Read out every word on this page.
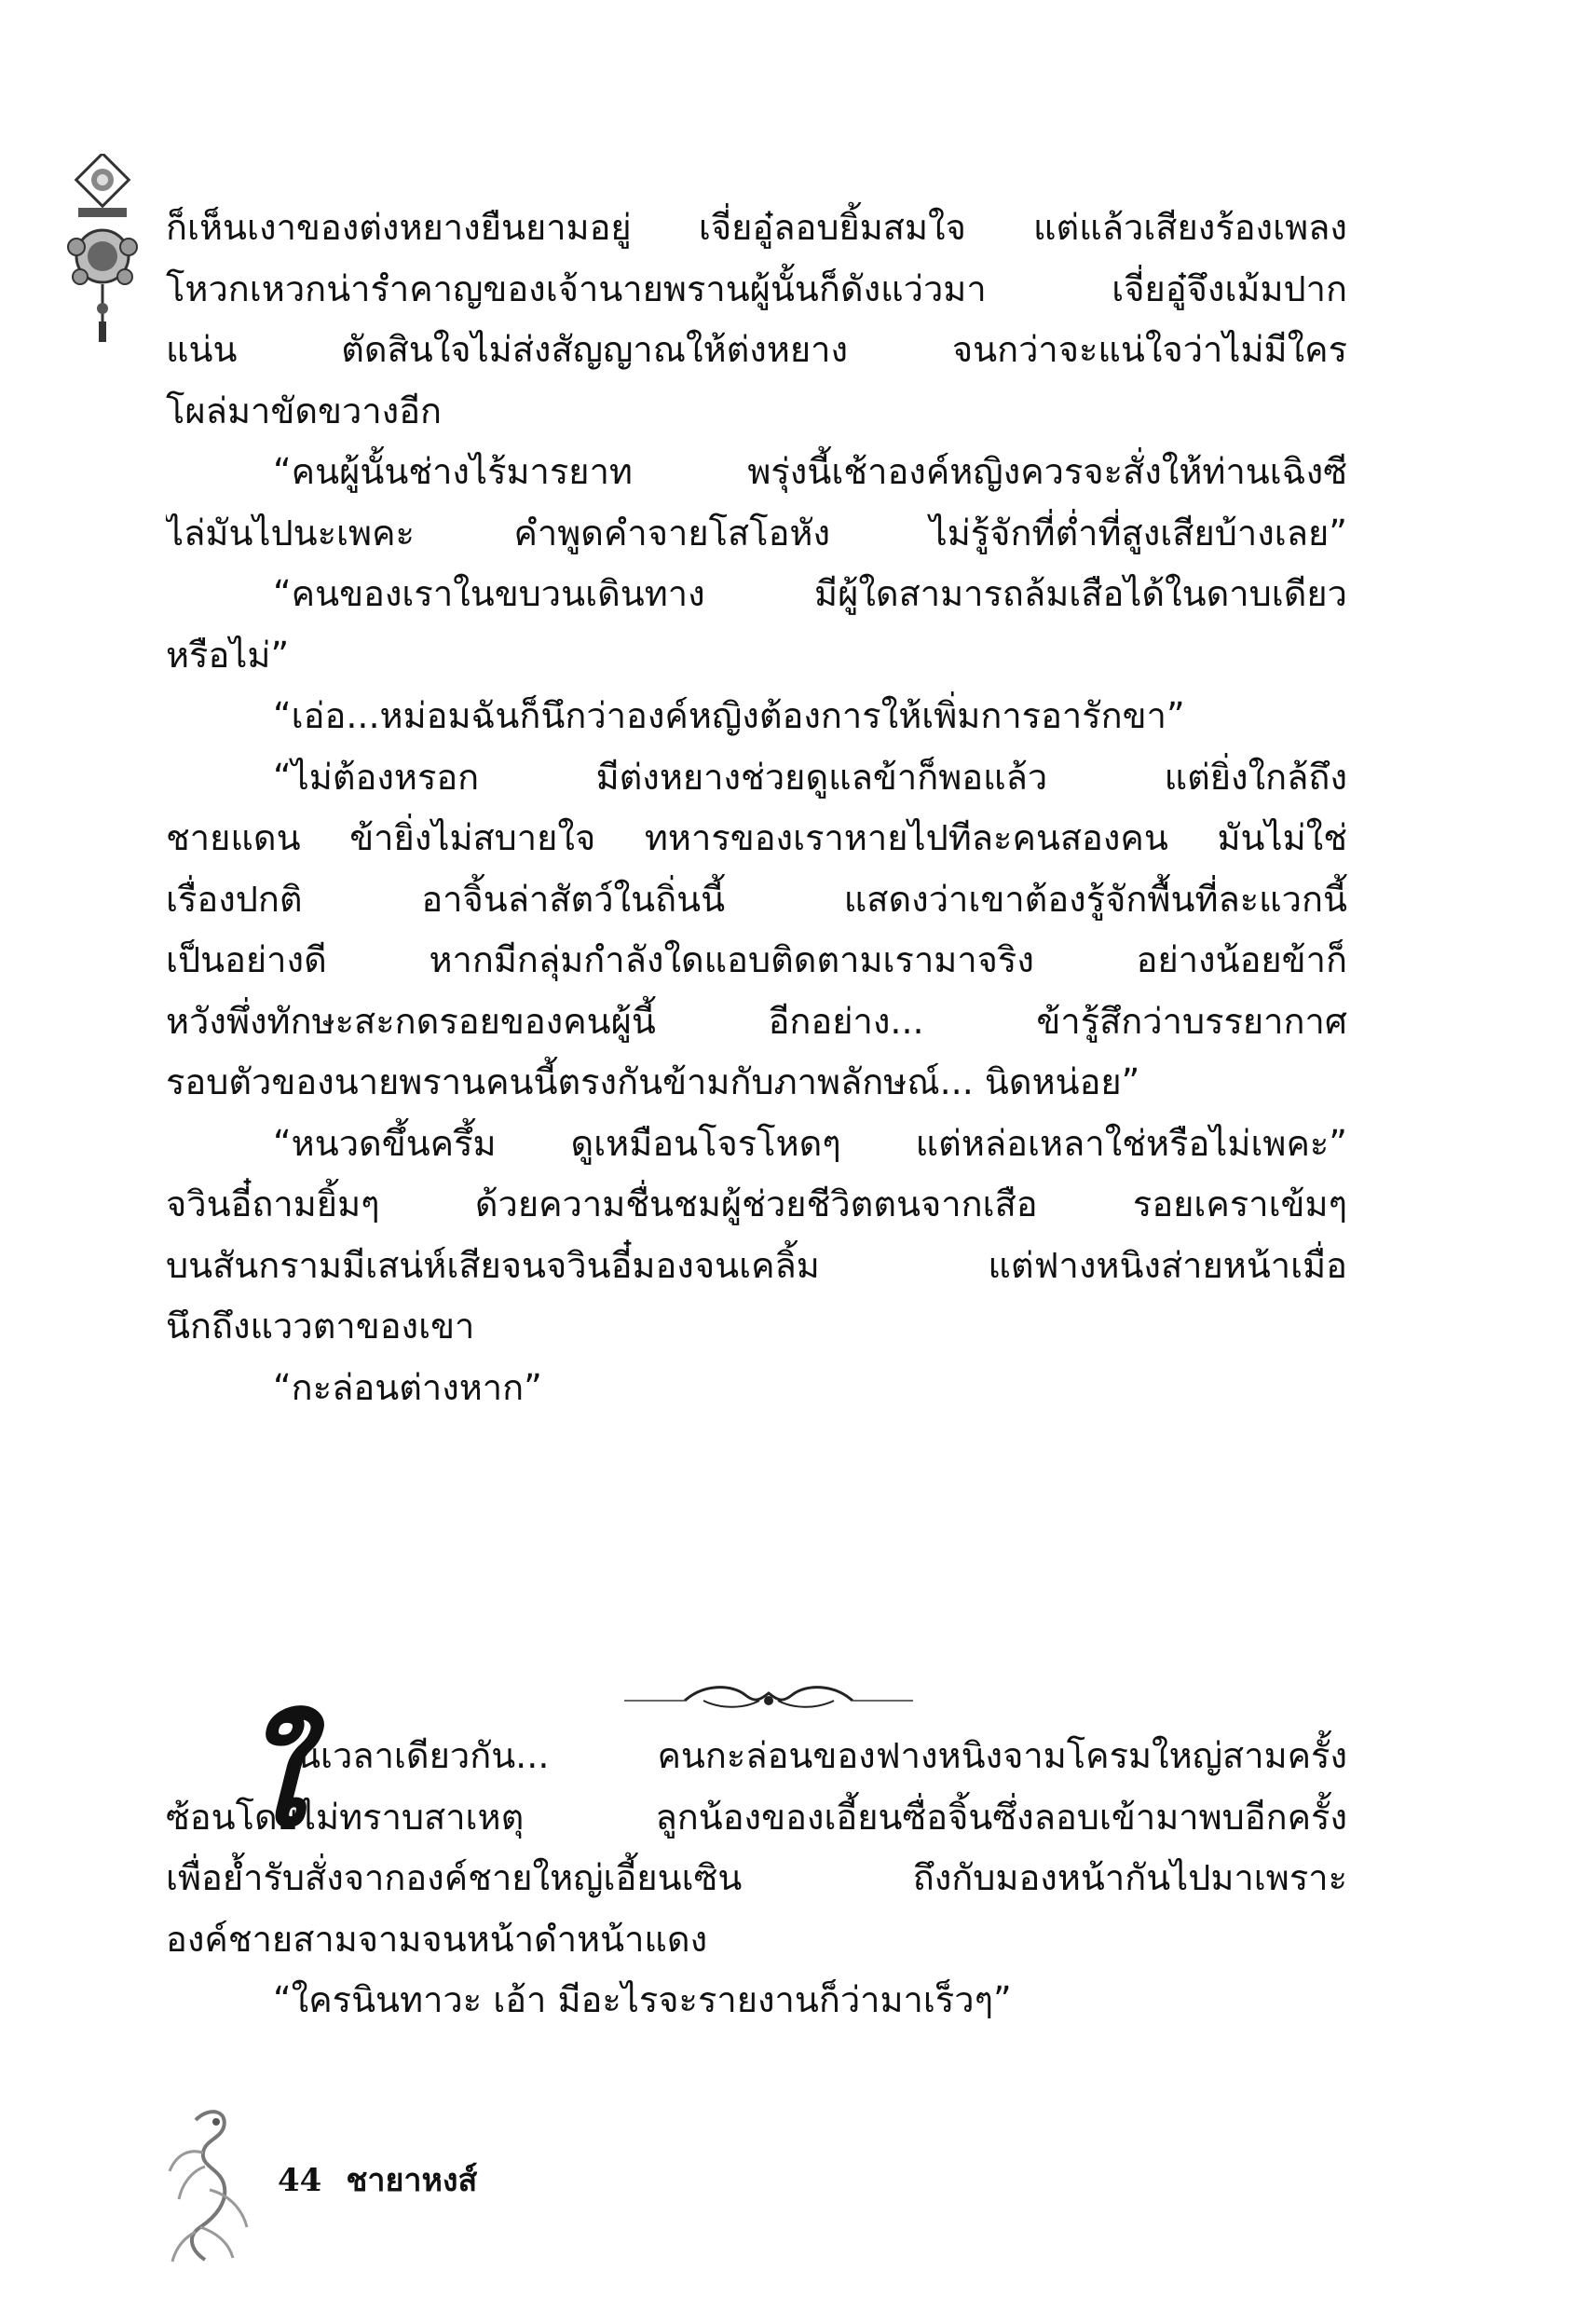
ก็เห็นเงาของต่งหยางยืนยามอยู่ เจี่ยอู๋ลอบยิ้มสมใจ แต่แล้วเสียงร้องเพลง
โหวกเหวกน่ารำคาญของเจ้านายพรานผู้นั้นก็ดังแว่วมา เจี่ยอู๋จึงเม้มปาก
แน่น ตัดสินใจไม่ส่งสัญญาณให้ต่งหยาง จนกว่าจะแน่ใจว่าไม่มีใคร
โผล่มาขัดขวางอีก
“คนผู้นั้นช่างไร้มารยาท พรุ่งนี้เช้าองค์หญิงควรจะสั่งให้ท่านเฉิงซี
ไล่มันไปนะเพคะ คำพูดคำจายโสโอหัง ไม่รู้จักที่ต่ำที่สูงเสียบ้างเลย”
“คนของเราในขบวนเดินทาง มีผู้ใดสามารถล้มเสือได้ในดาบเดียว
หรือไม่”
“เอ่อ...หม่อมฉันก็นึกว่าองค์หญิงต้องการให้เพิ่มการอารักขา”
“ไม่ต้องหรอก มีต่งหยางช่วยดูแลข้าก็พอแล้ว แต่ยิ่งใกล้ถึง
ชายแดน ข้ายิ่งไม่สบายใจ ทหารของเราหายไปทีละคนสองคน มันไม่ใช่
เรื่องปกติ อาจิ้นล่าสัตว์ในถิ่นนี้ แสดงว่าเขาต้องรู้จักพื้นที่ละแวกนี้
เป็นอย่างดี หากมีกลุ่มกำลังใดแอบติดตามเรามาจริง อย่างน้อยข้าก็
หวังพึ่งทักษะสะกดรอยของคนผู้นี้ อีกอย่าง... ข้ารู้สึกว่าบรรยากาศ
รอบตัวของนายพรานคนนี้ตรงกันข้ามกับภาพลักษณ์... นิดหน่อย”
“หนวดขึ้นครึ้ม ดูเหมือนโจรโหดๆ แต่หล่อเหลาใช่หรือไม่เพคะ”
จวินอี๋ถามยิ้มๆ ด้วยความชื่นชมผู้ช่วยชีวิตตนจากเสือ รอยเคราเข้มๆ
บนสันกรามมีเสน่ห์เสียจนจวินอี๋มองจนเคลิ้ม แต่ฟางหนิงส่ายหน้าเมื่อ
นึกถึงแววตาของเขา
“กะล่อนต่างหาก”
ใ
นเวลาเดียวกัน... คนกะล่อนของฟางหนิงจามโครมใหญ่สามครั้ง
ซ้อนโดยไม่ทราบสาเหตุ ลูกน้องของเอี้ยนซื่อจิ้นซึ่งลอบเข้ามาพบอีกครั้ง
เพื่อย้ำรับสั่งจากองค์ชายใหญ่เอี้ยนเซิน ถึงกับมองหน้ากันไปมาเพราะ
องค์ชายสามจามจนหน้าดำหน้าแดง
“ใครนินทาวะ เอ้า มีอะไรจะรายงานก็ว่ามาเร็วๆ”
44 ชายาหงส์
